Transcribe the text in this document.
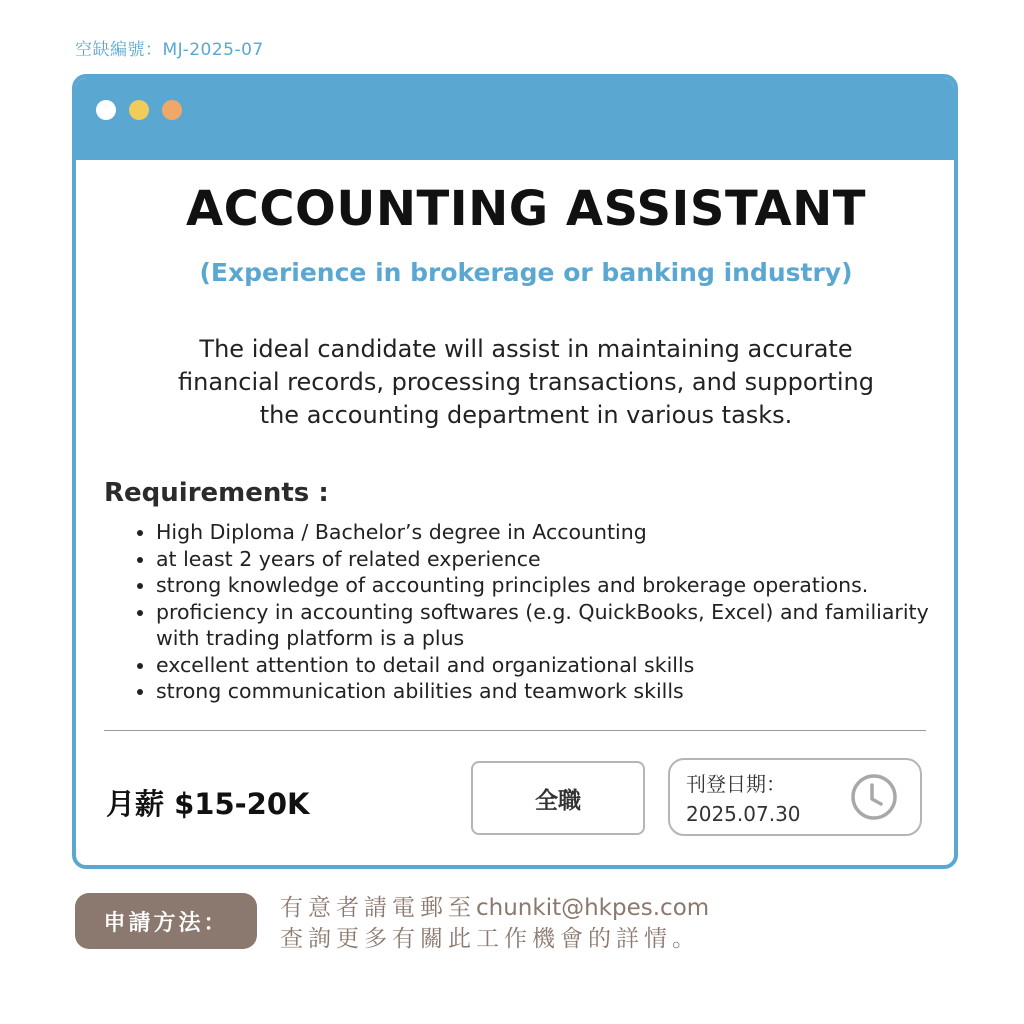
空缺編號：MJ-2025-07
ACCOUNTING ASSISTANT
(Experience in brokerage or banking industry)
The ideal candidate will assist in maintaining accurate
financial records, processing transactions, and supporting
the accounting department in various tasks.
Requirements :
• High Diploma / Bachelor’s degree in Accounting
• at least 2 years of related experience
• strong knowledge of accounting principles and brokerage operations.
• proficiency in accounting softwares (e.g. QuickBooks, Excel) and familiarity with trading platform is a plus
• excellent attention to detail and organizational skills
• strong communication abilities and teamwork skills
月薪 $15-20K	全職
刊登日期：
2025.07.30
申請方法：
有意者請電郵至chunkit@hkpes.com
查詢更多有關此工作機會的詳情。
